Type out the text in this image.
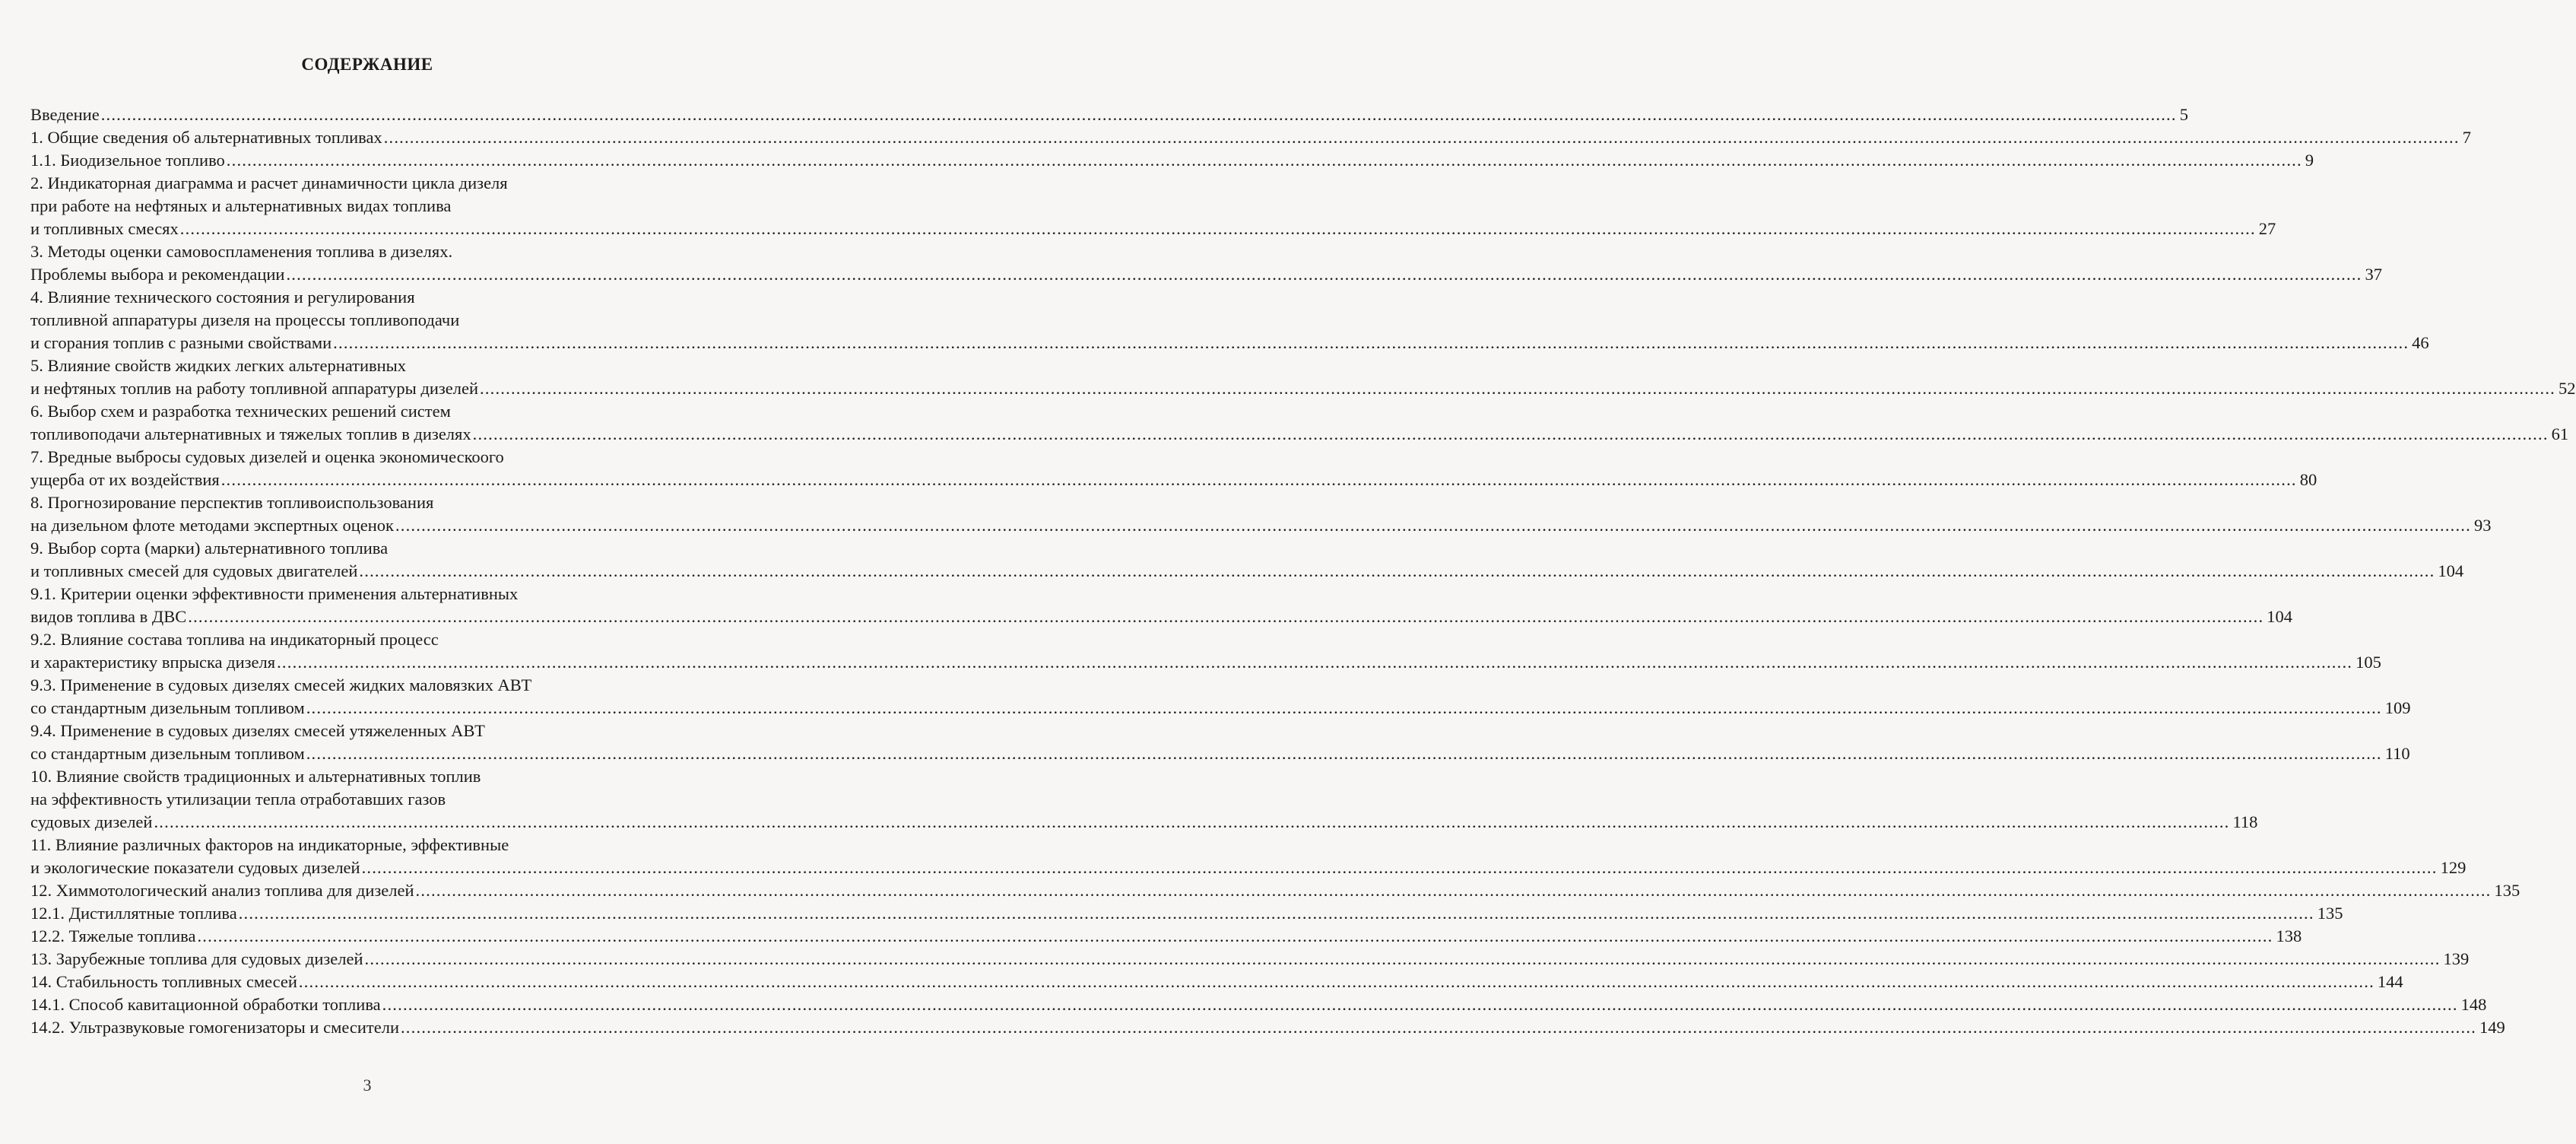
СОДЕРЖАНИЕ
Введение ................................................................................................................................................................................................................................................................................................................................................................................................................ 5
1. Общие сведения об альтернативных топливах ................................................................................................................................................................................................................................................................................................................................................................................................................ 7
1.1. Биодизельное топливо ................................................................................................................................................................................................................................................................................................................................................................................................................ 9
2. Индикаторная диаграмма и расчет динамичности цикла дизеля
при работе на нефтяных и альтернативных видах топлива
и топливных смесях ................................................................................................................................................................................................................................................................................................................................................................................................................ 27
3. Методы оценки самовоспламенения топлива в дизелях.
Проблемы выбора и рекомендации ................................................................................................................................................................................................................................................................................................................................................................................................................ 37
4. Влияние технического состояния и регулирования
топливной аппаратуры дизеля на процессы топливоподачи
и сгорания топлив с разными свойствами ................................................................................................................................................................................................................................................................................................................................................................................................................ 46
5. Влияние свойств жидких легких альтернативных
и нефтяных топлив на работу топливной аппаратуры дизелей ................................................................................................................................................................................................................................................................................................................................................................................................................ 52
6. Выбор схем и разработка технических решений систем
топливоподачи альтернативных и тяжелых топлив в дизелях ................................................................................................................................................................................................................................................................................................................................................................................................................ 61
7. Вредные выбросы судовых дизелей и оценка экономическоого
ущерба от их воздействия ................................................................................................................................................................................................................................................................................................................................................................................................................ 80
8. Прогнозирование перспектив топливоиспользования
на дизельном флоте методами экспертных оценок ................................................................................................................................................................................................................................................................................................................................................................................................................ 93
9. Выбор сорта (марки) альтернативного топлива
и топливных смесей для судовых двигателей ................................................................................................................................................................................................................................................................................................................................................................................................................ 104
9.1. Критерии оценки эффективности применения альтернативных
видов топлива в ДВС ................................................................................................................................................................................................................................................................................................................................................................................................................ 104
9.2. Влияние состава топлива на индикаторный процесс
и характеристику впрыска дизеля ................................................................................................................................................................................................................................................................................................................................................................................................................ 105
9.3. Применение в судовых дизелях смесей жидких маловязких АВТ
со стандартным дизельным топливом ................................................................................................................................................................................................................................................................................................................................................................................................................ 109
9.4. Применение в судовых дизелях смесей утяжеленных АВТ
со стандартным дизельным топливом ................................................................................................................................................................................................................................................................................................................................................................................................................ 110
10. Влияние свойств традиционных и альтернативных топлив
на эффективность утилизации тепла отработавших газов
судовых дизелей ................................................................................................................................................................................................................................................................................................................................................................................................................ 118
11. Влияние различных факторов на индикаторные, эффективные
и экологические показатели судовых дизелей ................................................................................................................................................................................................................................................................................................................................................................................................................ 129
12. Химмотологический анализ топлива для дизелей ................................................................................................................................................................................................................................................................................................................................................................................................................ 135
12.1. Дистиллятные топлива ................................................................................................................................................................................................................................................................................................................................................................................................................ 135
12.2. Тяжелые топлива ................................................................................................................................................................................................................................................................................................................................................................................................................ 138
13. Зарубежные топлива для судовых дизелей ................................................................................................................................................................................................................................................................................................................................................................................................................ 139
14. Стабильность топливных смесей ................................................................................................................................................................................................................................................................................................................................................................................................................ 144
14.1. Способ кавитационной обработки топлива ................................................................................................................................................................................................................................................................................................................................................................................................................ 148
14.2. Ультразвуковые гомогенизаторы и смесители ................................................................................................................................................................................................................................................................................................................................................................................................................ 149
3
